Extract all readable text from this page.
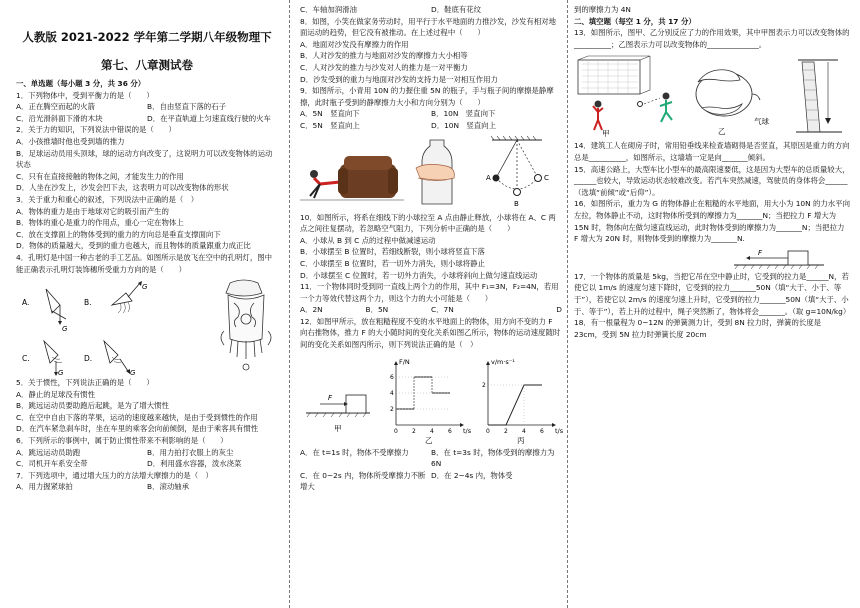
人教版 2021-2022 学年第二学期八年级物理下
第七、八章测试卷

一、单选题（每小题 3 分，共 36 分）

1．下列物体中，受到平衡力的是（　　）

A．正在腾空而起的火箭	B．自由竖直下落的石子
C．沿光滑斜面下滑的木块	D．在平直轨道上匀速直线行驶的火车

2．关于力的知识，下列说法中错误的是（　　）

A．小孩推墙时他也受到墙的推力

B．足球运动员用头顶球，球的运动方向改变了，这说明力可以改变物体的运动状态

C．只有在直接接触的物体之间，才能发生力的作用

D．人坐在沙发上，沙发会凹下去，这表明力可以改变物体的形状

3．关于重力和重心的叙述，下列说法中正确的是（　）

A．物体的重力是由于地球对它的吸引而产生的

B．物体的重心是重力的作用点，重心一定在物体上

C．放在支撑面上的物体受到的重力的方向总是垂直支撑面向下

D．物体的质量越大，受到的重力也越大，而且物体的质量跟重力成正比

4．孔明灯是中国一种古老的手工艺品。如图所示是放飞在空中的孔明灯，图中能正确表示孔明灯装饰穗所受重力方向的是（　　）

A.
G
B.
G
C.
G
D.
G

5．关于惯性，下列说法正确的是（　　）

A．静止的足球没有惯性

B．跳远运动员要助跑后起跳，是为了增大惯性

C．在空中自由下落的苹果，运动的速度越来越快，是由于受到惯性的作用

D．在汽车紧急刹车时，坐在车里的乘客会向前倾倒，是由于乘客具有惯性

6．下列所示的事例中，属于防止惯性带来不利影响的是（　　）

A．跳远运动员助跑	B．用力拍打衣服上的灰尘
C．司机开车系安全带	D．利用盛水容器，泼水浇菜

7．下列选项中，通过增大压力的方法增大摩擦力的是（　）

A．用力握紧球拍	B．滚动轴承
C．车轴加润滑油	D．鞋底有花纹

8．如图，小笑在做家务劳动时，用平行于水平地面的力推沙发，沙发有相对地面运动的趋势，但它没有被推动。在上述过程中（　　）

A．地面对沙发没有摩擦力的作用

B．人对沙发的推力与地面对沙发的摩擦力大小相等

C．人对沙发的推力与沙发对人的推力是一对平衡力

D．沙发受到的重力与地面对沙发的支持力是一对相互作用力

9．如图所示，小青用 10N 的力握住重 5N 的瓶子，手与瓶子间的摩擦是静摩擦，此时瓶子受到的静摩擦力大小和方向分别为（　　）

A．5N　竖直向下	B．10N　竖直向下
C．5N　竖直向上	D．10N　竖直向上
A
B
C

10．如图所示，将系在细线下的小球拉至 A 点由静止释放，小球将在 A、C 两点之间往复摆动，若忽略空气阻力，下列分析中正确的是（　　）

A．小球从 B 到 C 点的过程中做减速运动

B．小球摆至 B 位置时，若细线断裂，则小球将竖直下落

C．小球摆至 B 位置时，若一切外力消失，则小球将静止

D．小球摆至 C 位置时，若一切外力消失，小球将斜向上做匀速直线运动

11．一个物体同时受到同一直线上两个力的作用，其中 F₁=3N，F₂=4N，若用一个力等效代替这两个力，则这个力的大小可能是（　　）

A．2N	B．5N	C．7N	D

12．如图甲所示，放在粗糙程度不变的水平地面上的物体，用方向不变的力 F 向右推物体，推力 F 的大小随时间的变化关系如图乙所示，物体的运动速度随时间的变化关系如图丙所示，则下列说法正确的是（　）

F
甲
F/N
t/s
乙
0 2 4 6
2
4
6
v/m·s⁻¹
t/s
丙
0 2 4 6
2
A．在 t=1s 时，物体不受摩擦力	B．在 t=3s 时，物体受到的摩擦力为 6N
C．在 0~2s 内，物体所受摩擦力不断增大
D．在 2~4s 内，物体受

到的摩擦力为 4N

二、填空题（每空 1 分，共 17 分）

13．如图所示，图甲、乙分别反应了力的作用效果，其中甲图表示力可以改变物体的__________；乙图表示力可以改变物体的______________。

甲
气球
乙

14．建筑工人在砌房子时，常用铅垂线来检查墙砌得是否竖直，其原因是重力的方向总是__________，如图所示，这墙墙一定是向_______倾斜。

15．高速公路上，大型车比小型车的最高限速要低，这是因为大型车的总质量较大，______也较大，导致运动状态较难改变。若汽车突然减速，驾驶员的身体将会______（选填“前倾”或“后仰”）。

16．如图所示，重力为 G 的物体静止在粗糙的水平地面，用大小为 10N 的力水平向左拉，物体静止不动，这时物体所受到的摩擦力为_______N；当把拉力 F 增大为 15N 时，物体向左做匀速直线运动，此时物体受到的摩擦力为_______N；当把拉力 F 增大为 20N 时，则物体受到的摩擦力为_______N.

F

17．一个物体的质量是 5kg，当把它吊在空中静止时，它受到的拉力是______N，若使它以 1m/s 的速度匀速下降时，它受到的拉力_______50N（填“大于、小于、等于”），若使它以 2m/s 的速度匀速上升时，它受到的拉力_______50N（填“大于、小于、等于”），若上升的过程中，绳子突然断了，物体将会_______。（取 g=10N/kg）

18．有一根量程为 0~12N 的弹簧测力计，受到 8N 拉力时，弹簧的长度是 23cm，受到 5N 拉力时弹簧长度 20cm
